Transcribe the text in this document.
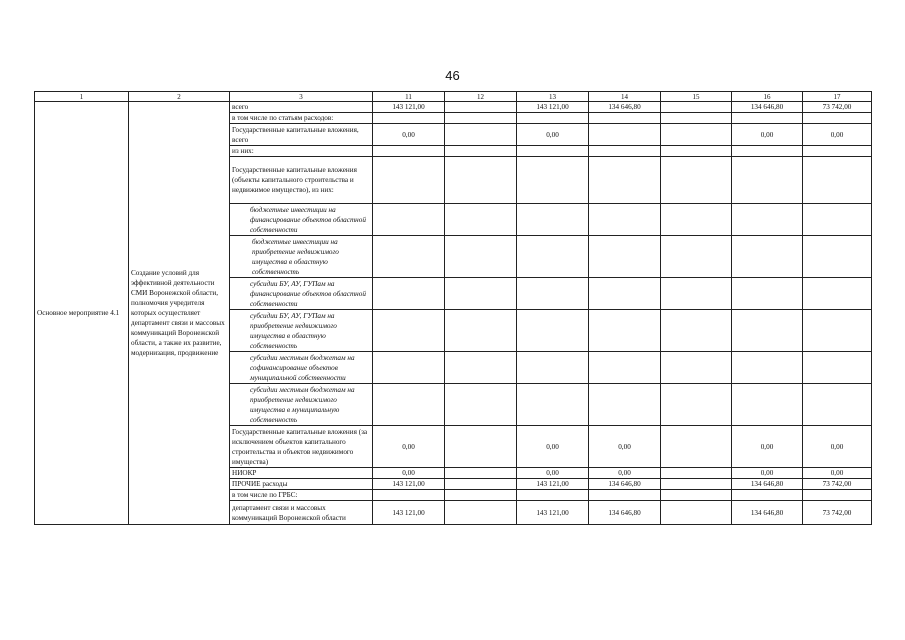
46
1	2	3	11	12	13	14	15	16	17
Основное мероприятие 4.1	Создание условий для эффективной деятельности СМИ Воронежской области, полномочия учредителя которых осуществляет департамент связи и массовых коммуникаций Воронежской области, а также их развитие, модернизация, продвижение	всего	143 121,00		143 121,00	134 646,80		134 646,80	73 742,00
		в том числе по статьям расходов:							
		Государственные капитальные вложения, всего	0,00		0,00			0,00	0,00
		из них:							
		Государственные капитальные вложения (объекты капитального строительства и недвижимое имущество), из них:							
		бюджетные инвестиции на финансирование объектов областной собственности							
		бюджетные инвестиции на приобретение недвижимого имущества в областную собственность							
		субсидии БУ, АУ, ГУПам на финансирование объектов областной собственности							
		субсидии БУ, АУ, ГУПам на приобретение недвижимого имущества в областную собственность							
		субсидии местным бюджетам на софинансирование объектов муниципальной собственности							
		субсидии местным бюджетам на приобретение недвижимого имущества в муниципальную собственность							
		Государственные капитальные вложения (за исключением объектов капитального строительства и объектов недвижимого имущества)	0,00		0,00	0,00		0,00	0,00
		НИОКР	0,00		0,00	0,00		0,00	0,00
		ПРОЧИЕ расходы	143 121,00		143 121,00	134 646,80		134 646,80	73 742,00
		в том числе по ГРБС:							
		департамент связи и массовых коммуникаций Воронежской области	143 121,00		143 121,00	134 646,80		134 646,80	73 742,00
